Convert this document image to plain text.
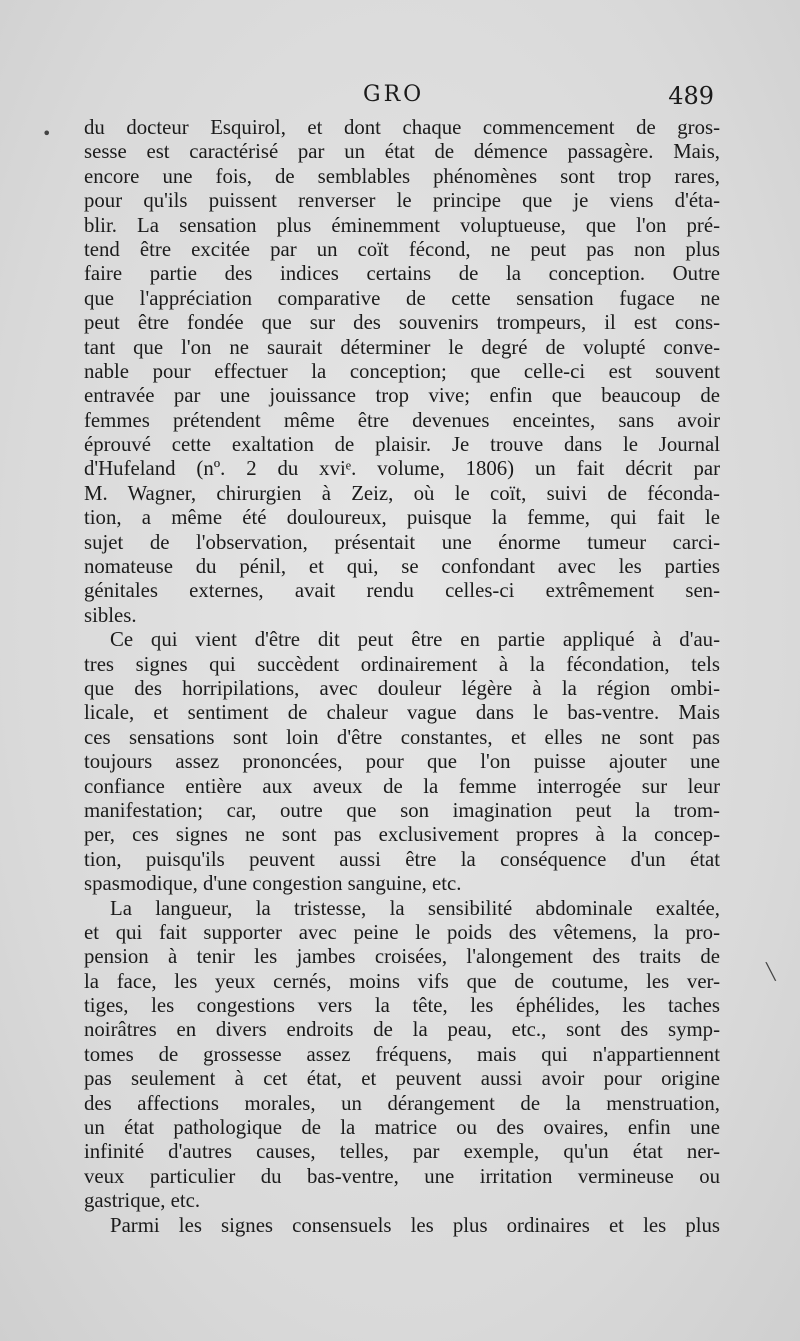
GRO	489
•
╲
du docteur Esquirol, et dont chaque commencement de gros-
sesse est caractérisé par un état de démence passagère. Mais,
encore une fois, de semblables phénomènes sont trop rares,
pour qu'ils puissent renverser le principe que je viens d'éta-
blir. La sensation plus éminemment voluptueuse, que l'on pré-
tend être excitée par un coït fécond, ne peut pas non plus
faire partie des indices certains de la conception. Outre
que l'appréciation comparative de cette sensation fugace ne
peut être fondée que sur des souvenirs trompeurs, il est cons-
tant que l'on ne saurait déterminer le degré de volupté conve-
nable pour effectuer la conception; que celle-ci est souvent
entravée par une jouissance trop vive; enfin que beaucoup de
femmes prétendent même être devenues enceintes, sans avoir
éprouvé cette exaltation de plaisir. Je trouve dans le Journal
d'Hufeland (nº. 2 du xviᵉ. volume, 1806) un fait décrit par
M. Wagner, chirurgien à Zeiz, où le coït, suivi de féconda-
tion, a même été douloureux, puisque la femme, qui fait le
sujet de l'observation, présentait une énorme tumeur carci-
nomateuse du pénil, et qui, se confondant avec les parties
génitales externes, avait rendu celles-ci extrêmement sen-
sibles.
Ce qui vient d'être dit peut être en partie appliqué à d'au-
tres signes qui succèdent ordinairement à la fécondation, tels
que des horripilations, avec douleur légère à la région ombi-
licale, et sentiment de chaleur vague dans le bas-ventre. Mais
ces sensations sont loin d'être constantes, et elles ne sont pas
toujours assez prononcées, pour que l'on puisse ajouter une
confiance entière aux aveux de la femme interrogée sur leur
manifestation; car, outre que son imagination peut la trom-
per, ces signes ne sont pas exclusivement propres à la concep-
tion, puisqu'ils peuvent aussi être la conséquence d'un état
spasmodique, d'une congestion sanguine, etc.
La langueur, la tristesse, la sensibilité abdominale exaltée,
et qui fait supporter avec peine le poids des vêtemens, la pro-
pension à tenir les jambes croisées, l'alongement des traits de
la face, les yeux cernés, moins vifs que de coutume, les ver-
tiges, les congestions vers la tête, les éphélides, les taches
noirâtres en divers endroits de la peau, etc., sont des symp-
tomes de grossesse assez fréquens, mais qui n'appartiennent
pas seulement à cet état, et peuvent aussi avoir pour origine
des affections morales, un dérangement de la menstruation,
un état pathologique de la matrice ou des ovaires, enfin une
infinité d'autres causes, telles, par exemple, qu'un état ner-
veux particulier du bas-ventre, une irritation vermineuse ou
gastrique, etc.
Parmi les signes consensuels les plus ordinaires et les plus
